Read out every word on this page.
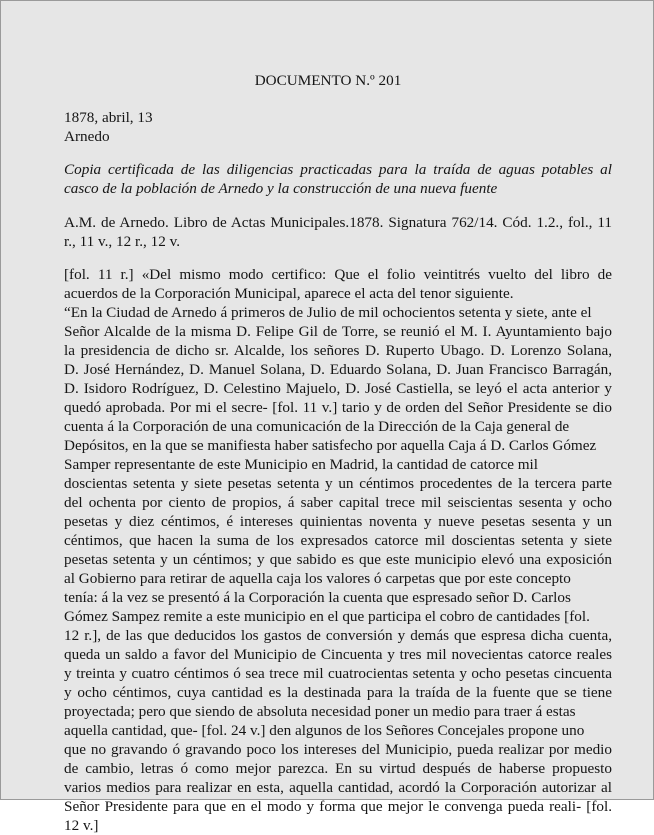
DOCUMENTO N.º 201
1878, abril, 13
Arnedo
Copia certificada de las diligencias practicadas para la traída de aguas potables al
casco de la población de Arnedo y la construcción de una nueva fuente
A.M. de Arnedo. Libro de Actas Municipales.1878. Signatura 762/14. Cód. 1.2., fol., 11
r., 11 v., 12 r., 12 v.
[fol. 11 r.] «Del mismo modo certifico: Que el folio veintitrés vuelto del libro de
acuerdos de la Corporación Municipal, aparece el acta del tenor siguiente.
“En la Ciudad de Arnedo á primeros de Julio de mil ochocientos setenta y siete, ante el
Señor Alcalde de la misma D. Felipe Gil de Torre, se reunió el M. I. Ayuntamiento bajo
la presidencia de dicho sr. Alcalde, los señores D. Ruperto Ubago. D. Lorenzo Solana,
D. José Hernández, D. Manuel Solana, D. Eduardo Solana, D. Juan Francisco Barragán,
D. Isidoro Rodríguez, D. Celestino Majuelo, D. José Castiella, se leyó el acta anterior y
quedó aprobada. Por mi el secre- [fol. 11 v.] tario y de orden del Señor Presidente se dio
cuenta á la Corporación de una comunicación de la Dirección de la Caja general de
Depósitos, en la que se manifiesta haber satisfecho por aquella Caja á D. Carlos Gómez
Samper representante de este Municipio en Madrid, la cantidad de catorce mil
doscientas setenta y siete pesetas setenta y un céntimos procedentes de la tercera parte
del ochenta por ciento de propios, á saber capital trece mil seiscientas sesenta y ocho
pesetas y diez céntimos, é intereses quinientas noventa y nueve pesetas sesenta y un
céntimos, que hacen la suma de los expresados catorce mil doscientas setenta y siete
pesetas setenta y un céntimos; y que sabido es que este municipio elevó una exposición
al Gobierno para retirar de aquella caja los valores ó carpetas que por este concepto
tenía: á la vez se presentó á la Corporación la cuenta que espresado señor D. Carlos
Gómez Sampez remite a este municipio en el que participa el cobro de cantidades [fol.
12 r.], de las que deducidos los gastos de conversión y demás que espresa dicha cuenta,
queda un saldo a favor del Municipio de Cincuenta y tres mil novecientas catorce reales
y treinta y cuatro céntimos ó sea trece mil cuatrocientas setenta y ocho pesetas cincuenta
y ocho céntimos, cuya cantidad es la destinada para la traída de la fuente que se tiene
proyectada; pero que siendo de absoluta necesidad poner un medio para traer á estas
aquella cantidad, que- [fol. 24 v.] den algunos de los Señores Concejales propone uno
que no gravando ó gravando poco los intereses del Municipio, pueda realizar por medio
de cambio, letras ó como mejor parezca. En su virtud después de haberse propuesto
varios medios para realizar en esta, aquella cantidad, acordó la Corporación autorizar al
Señor Presidente para que en el modo y forma que mejor le convenga pueda reali- [fol.
12 v.]
